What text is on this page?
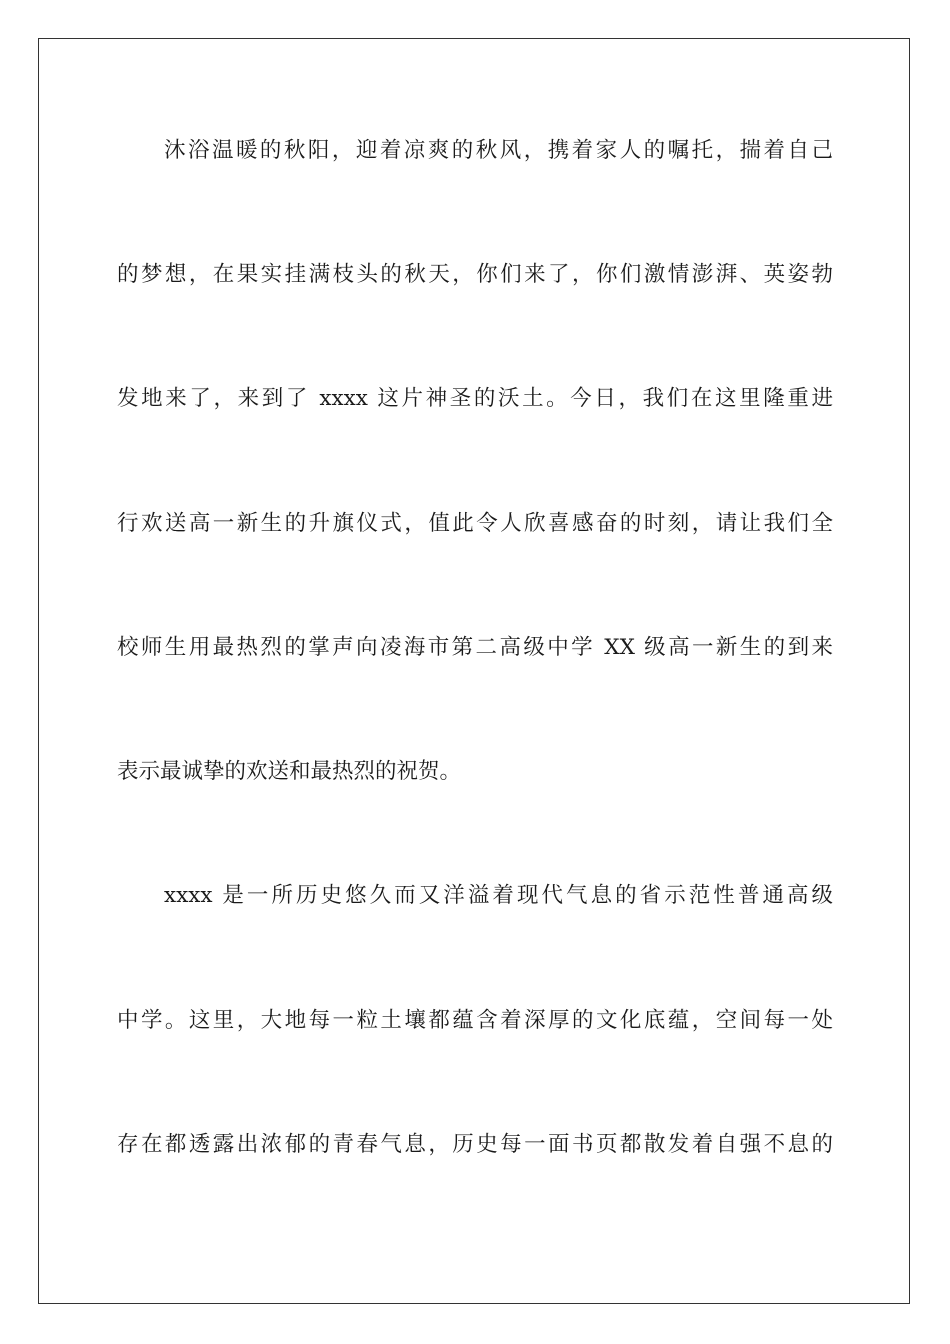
沐浴温暖的秋阳，迎着凉爽的秋风，携着家人的嘱托，揣着自己
的梦想，在果实挂满枝头的秋天，你们来了，你们激情澎湃、英姿勃
发地来了，来到了 xxxx 这片神圣的沃土。今日，我们在这里隆重进
行欢送高一新生的升旗仪式，值此令人欣喜感奋的时刻，请让我们全
校师生用最热烈的掌声向凌海市第二高级中学 XX 级高一新生的到来
表示最诚挚的欢送和最热烈的祝贺。
xxxx 是一所历史悠久而又洋溢着现代气息的省示范性普通高级
中学。这里，大地每一粒土壤都蕴含着深厚的文化底蕴，空间每一处
存在都透露出浓郁的青春气息，历史每一面书页都散发着自强不息的
